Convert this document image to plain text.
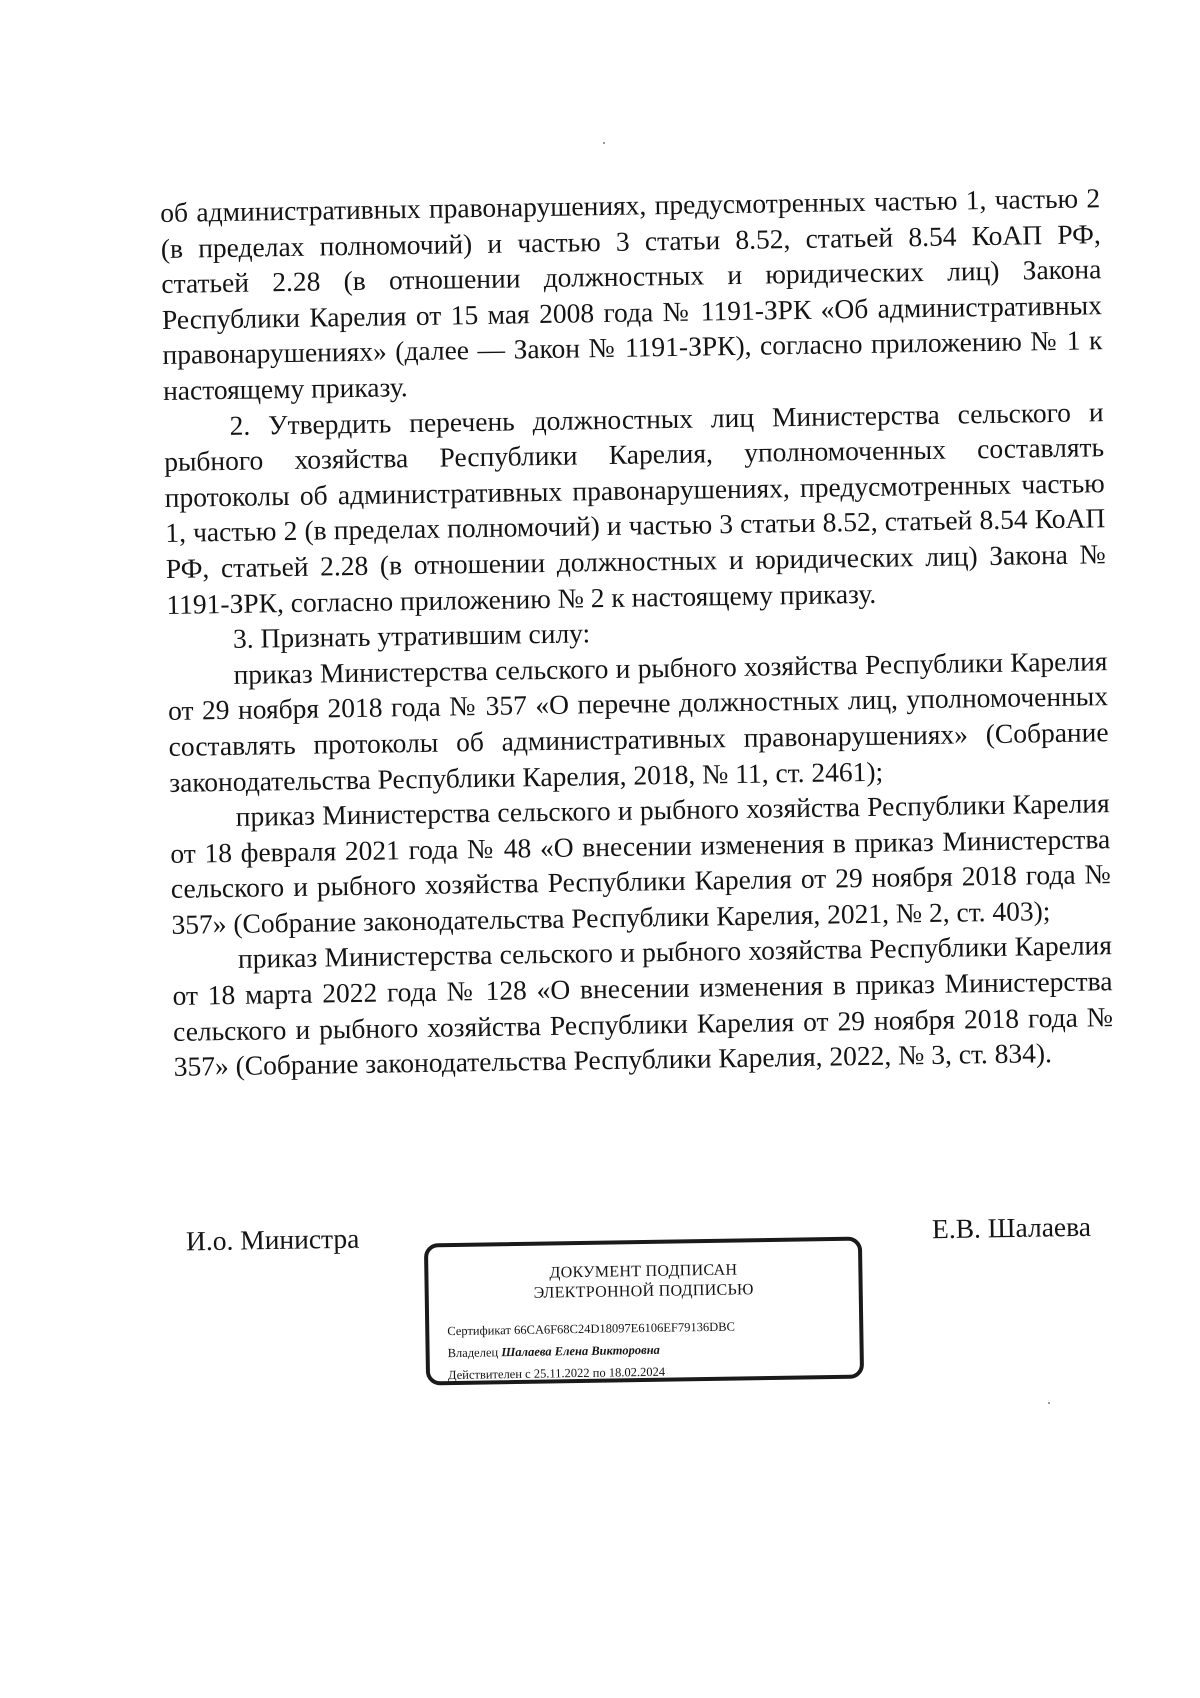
об административных правонарушениях, предусмотренных частью 1, частью 2 (в пределах полномочий) и частью 3 статьи 8.52, статьей 8.54 КоАП РФ, статьей 2.28 (в отношении должностных и юридических лиц) Закона Республики Карелия от 15 мая 2008 года № 1191-ЗРК «Об административных правонарушениях» (далее — Закон № 1191-ЗРК), согласно приложению № 1 к настоящему приказу.

2. Утвердить перечень должностных лиц Министерства сельского и рыбного хозяйства Республики Карелия, уполномоченных составлять протоколы об административных правонарушениях, предусмотренных частью 1, частью 2 (в пределах полномочий) и частью 3 статьи 8.52, статьей 8.54 КоАП РФ, статьей 2.28 (в отношении должностных и юридических лиц) Закона № 1191-ЗРК, согласно приложению № 2 к настоящему приказу.

3. Признать утратившим силу:

приказ Министерства сельского и рыбного хозяйства Республики Карелия от 29 ноября 2018 года № 357 «О перечне должностных лиц, уполномоченных составлять протоколы об административных правонарушениях» (Собрание законодательства Республики Карелия, 2018, № 11, ст. 2461);

приказ Министерства сельского и рыбного хозяйства Республики Карелия от 18 февраля 2021 года № 48 «О внесении изменения в приказ Министерства сельского и рыбного хозяйства Республики Карелия от 29 ноября 2018 года № 357» (Собрание законодательства Республики Карелия, 2021, № 2, ст. 403);

приказ Министерства сельского и рыбного хозяйства Республики Карелия от 18 марта 2022 года № 128 «О внесении изменения в приказ Министерства сельского и рыбного хозяйства Республики Карелия от 29 ноября 2018 года № 357» (Собрание законодательства Республики Карелия, 2022, № 3, ст. 834).

И.о. Министра	Е.В. Шалаева
ДОКУМЕНТ ПОДПИСАН
ЭЛЕКТРОННОЙ ПОДПИСЬЮ
Сертификат 66CA6F68C24D18097E6106EF79136DBC
Владелец Шалаева Елена Викторовна
Действителен с 25.11.2022 по 18.02.2024
